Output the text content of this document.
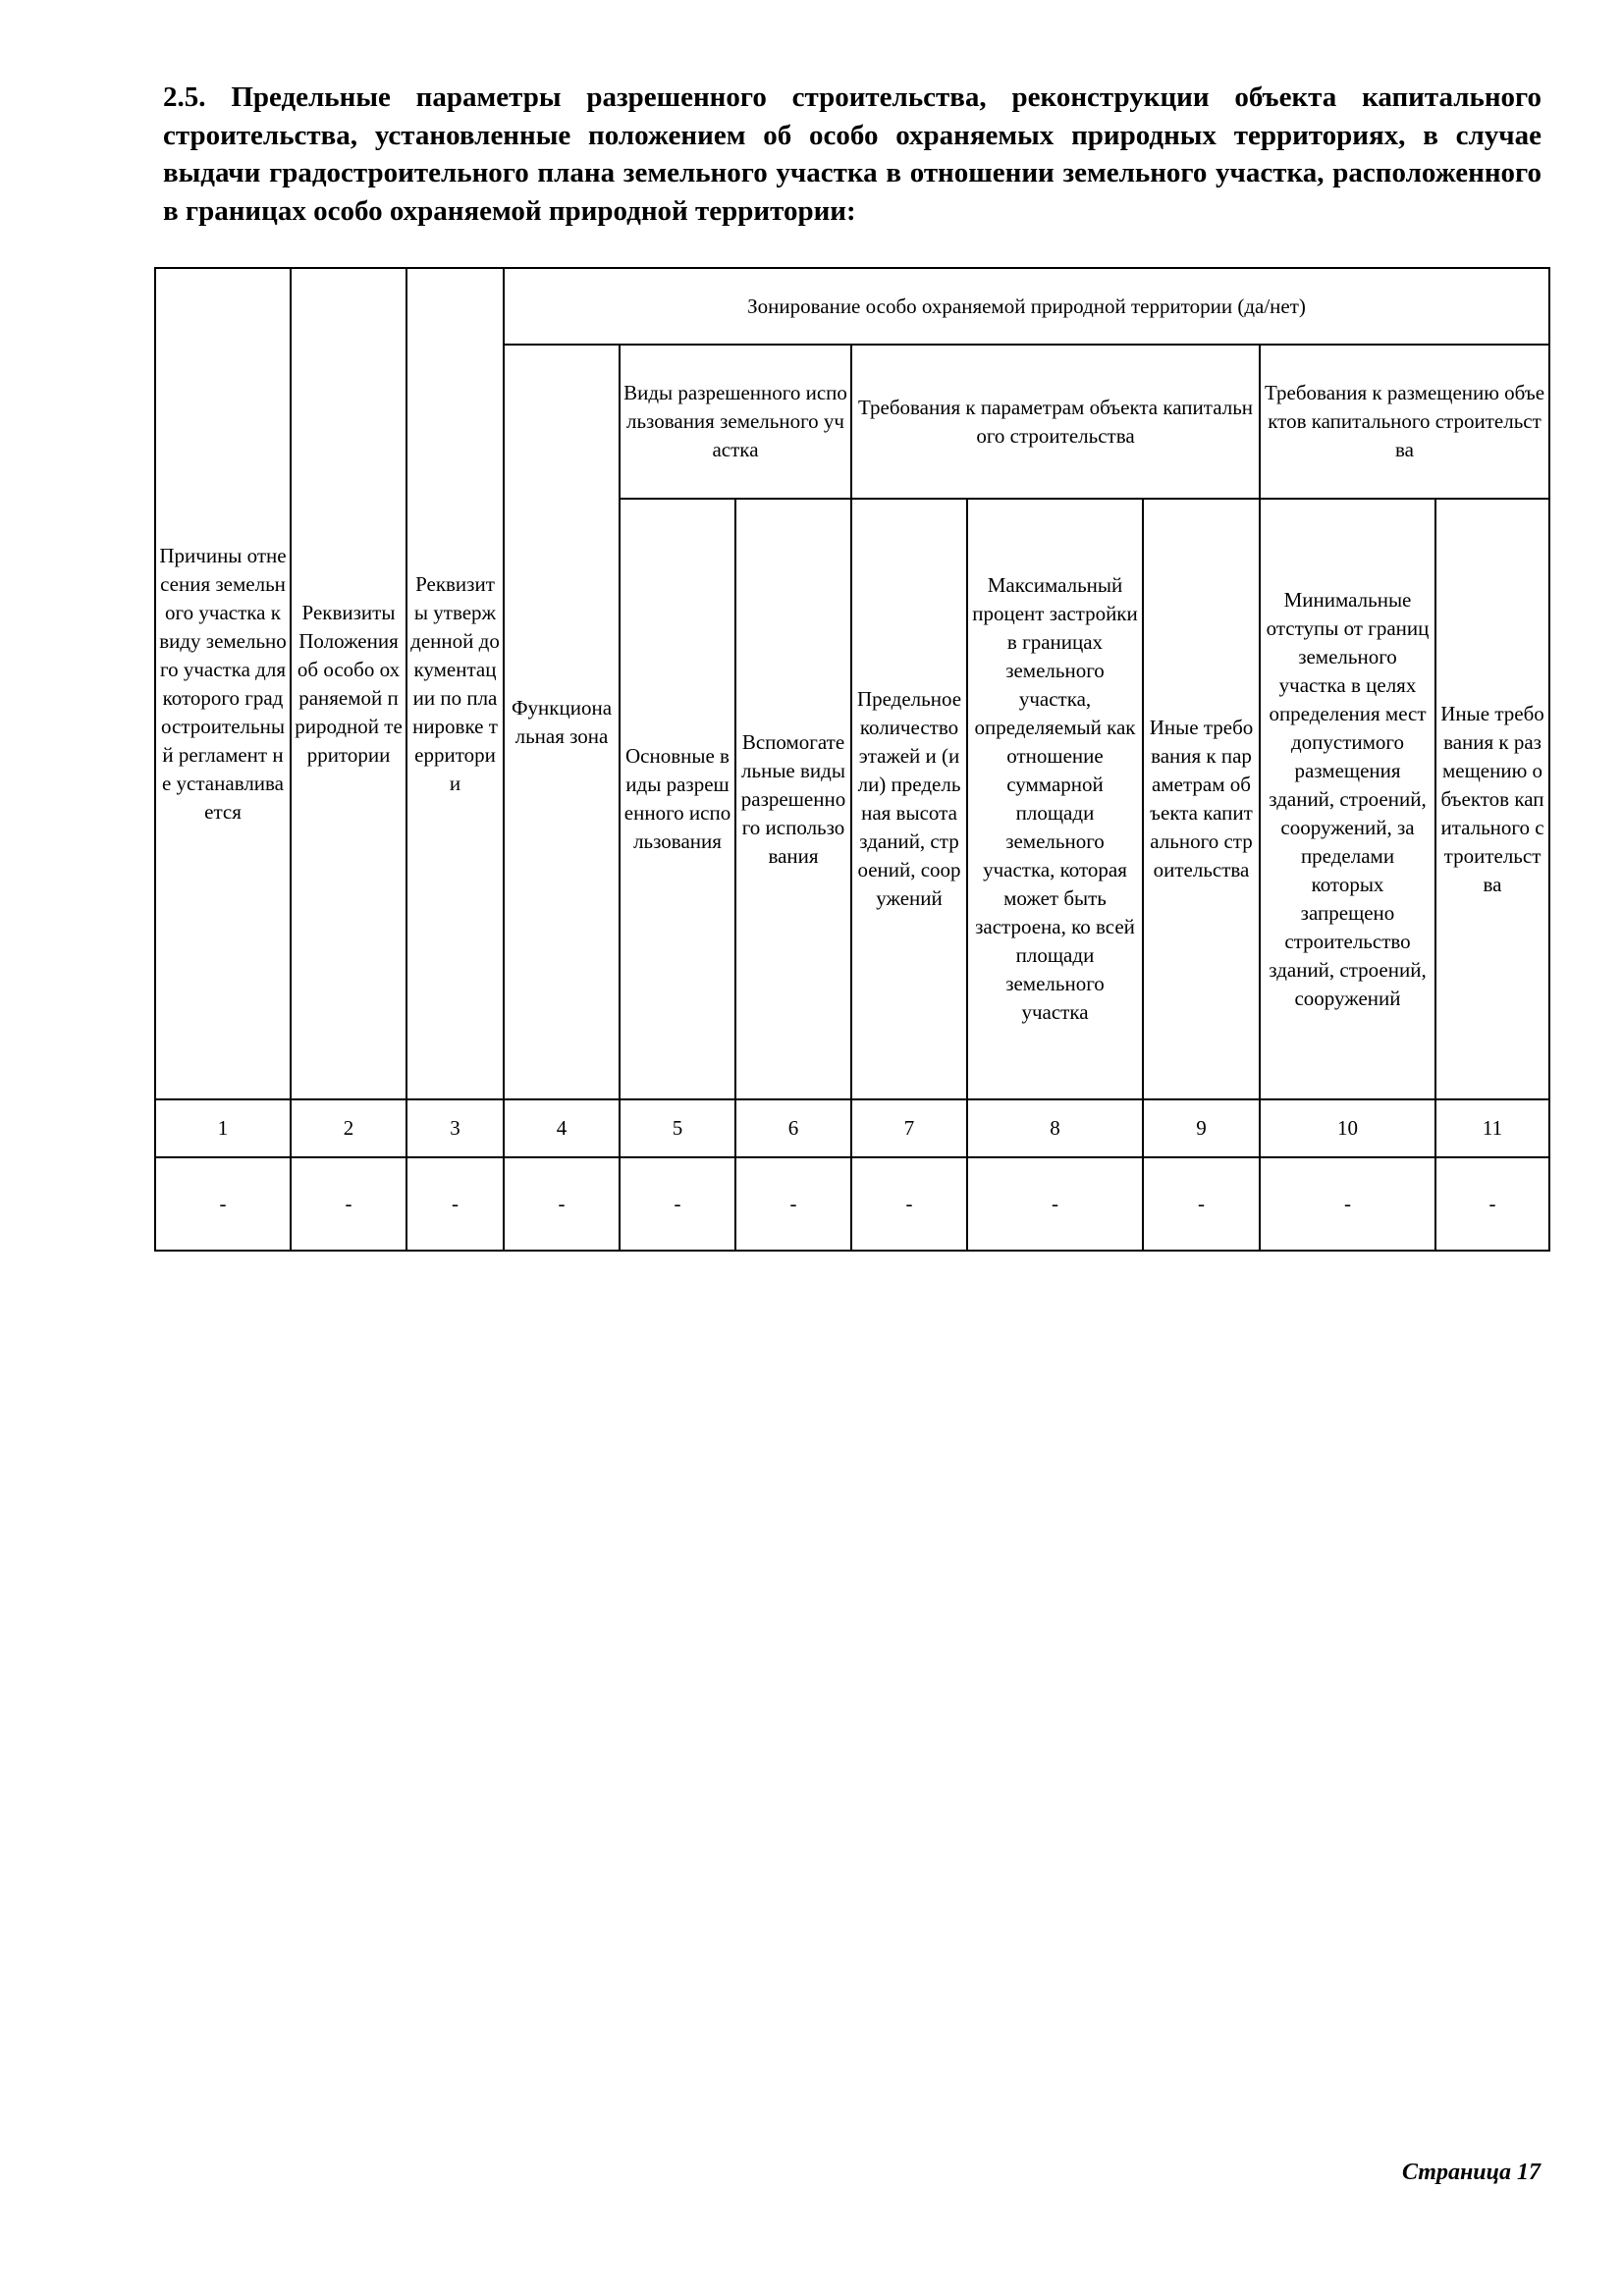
2.5. Предельные параметры разрешенного строительства, реконструкции объекта капитального строительства, установленные положением об особо охраняемых природных территориях, в случае выдачи градостроительного плана земельного участка в отношении земельного участка, расположенного в границах особо охраняемой природной территории:
Причины отнесения земельного участка к виду земельного участка для которого градостроительный регламент не устанавливается	Реквизиты Положения об особо охраняемой природной территории	Реквизиты утвержденной документации по планировке территории	Зонирование особо охраняемой природной территории (да/нет)							
			Функциональная зона	Виды разрешенного использования земельного участка		Требования к параметрам объекта капитального строительства			Требования к размещению объектов капитального строительства	
				Основные виды разрешенного использования	Вспомогательные виды разрешенного использования	Предельное количество этажей и (или) предельная высота зданий, строений, сооружений	Максимальный процент застройки в границах земельного участка, определяемый как отношение суммарной площади земельного участка, которая может быть застроена, ко всей площади земельного участка	Иные требования к параметрам объекта капитального строительства	Минимальные отступы от границ земельного участка в целях определения мест допустимого размещения зданий, строений, сооружений, за пределами которых запрещено строительство зданий, строений, сооружений	Иные требования к размещению объектов капитального строительства
1	2	3	4	5	6	7	8	9	10	11
-	-	-	-	-	-	-	-	-	-	-
Страница 17
